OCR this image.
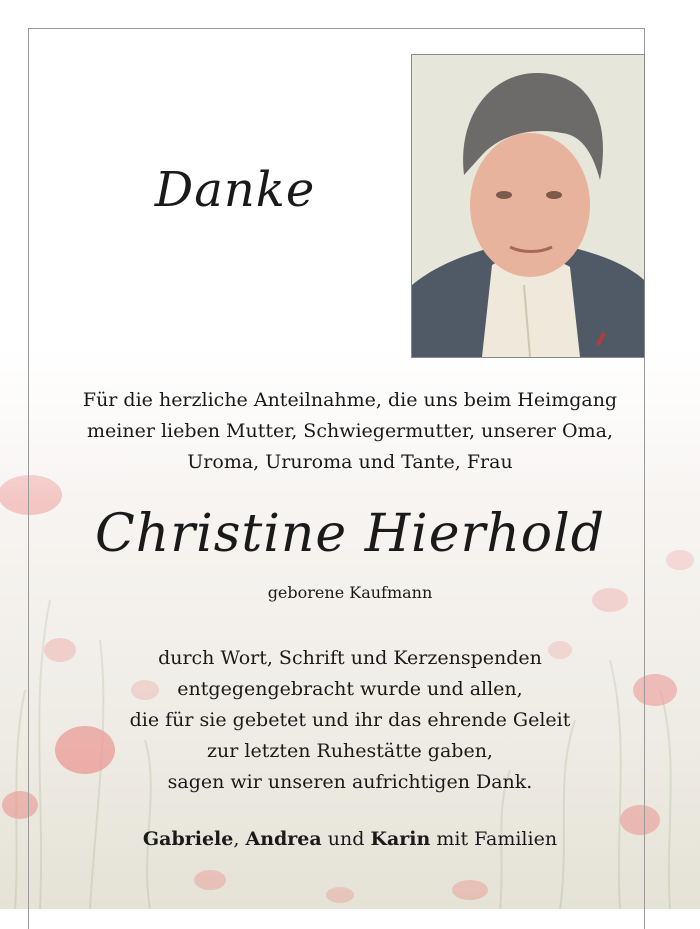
Danke
Für die herzliche Anteilnahme, die uns beim Heimgang
meiner lieben Mutter, Schwiegermutter, unserer Oma,
Uroma, Ururoma und Tante, Frau
Christine Hierhold
geborene Kaufmann
durch Wort, Schrift und Kerzenspenden
entgegengebracht wurde und allen,
die für sie gebetet und ihr das ehrende Geleit
zur letzten Ruhestätte gaben,
sagen wir unseren aufrichtigen Dank.
Gabriele, Andrea und Karin mit Familien
